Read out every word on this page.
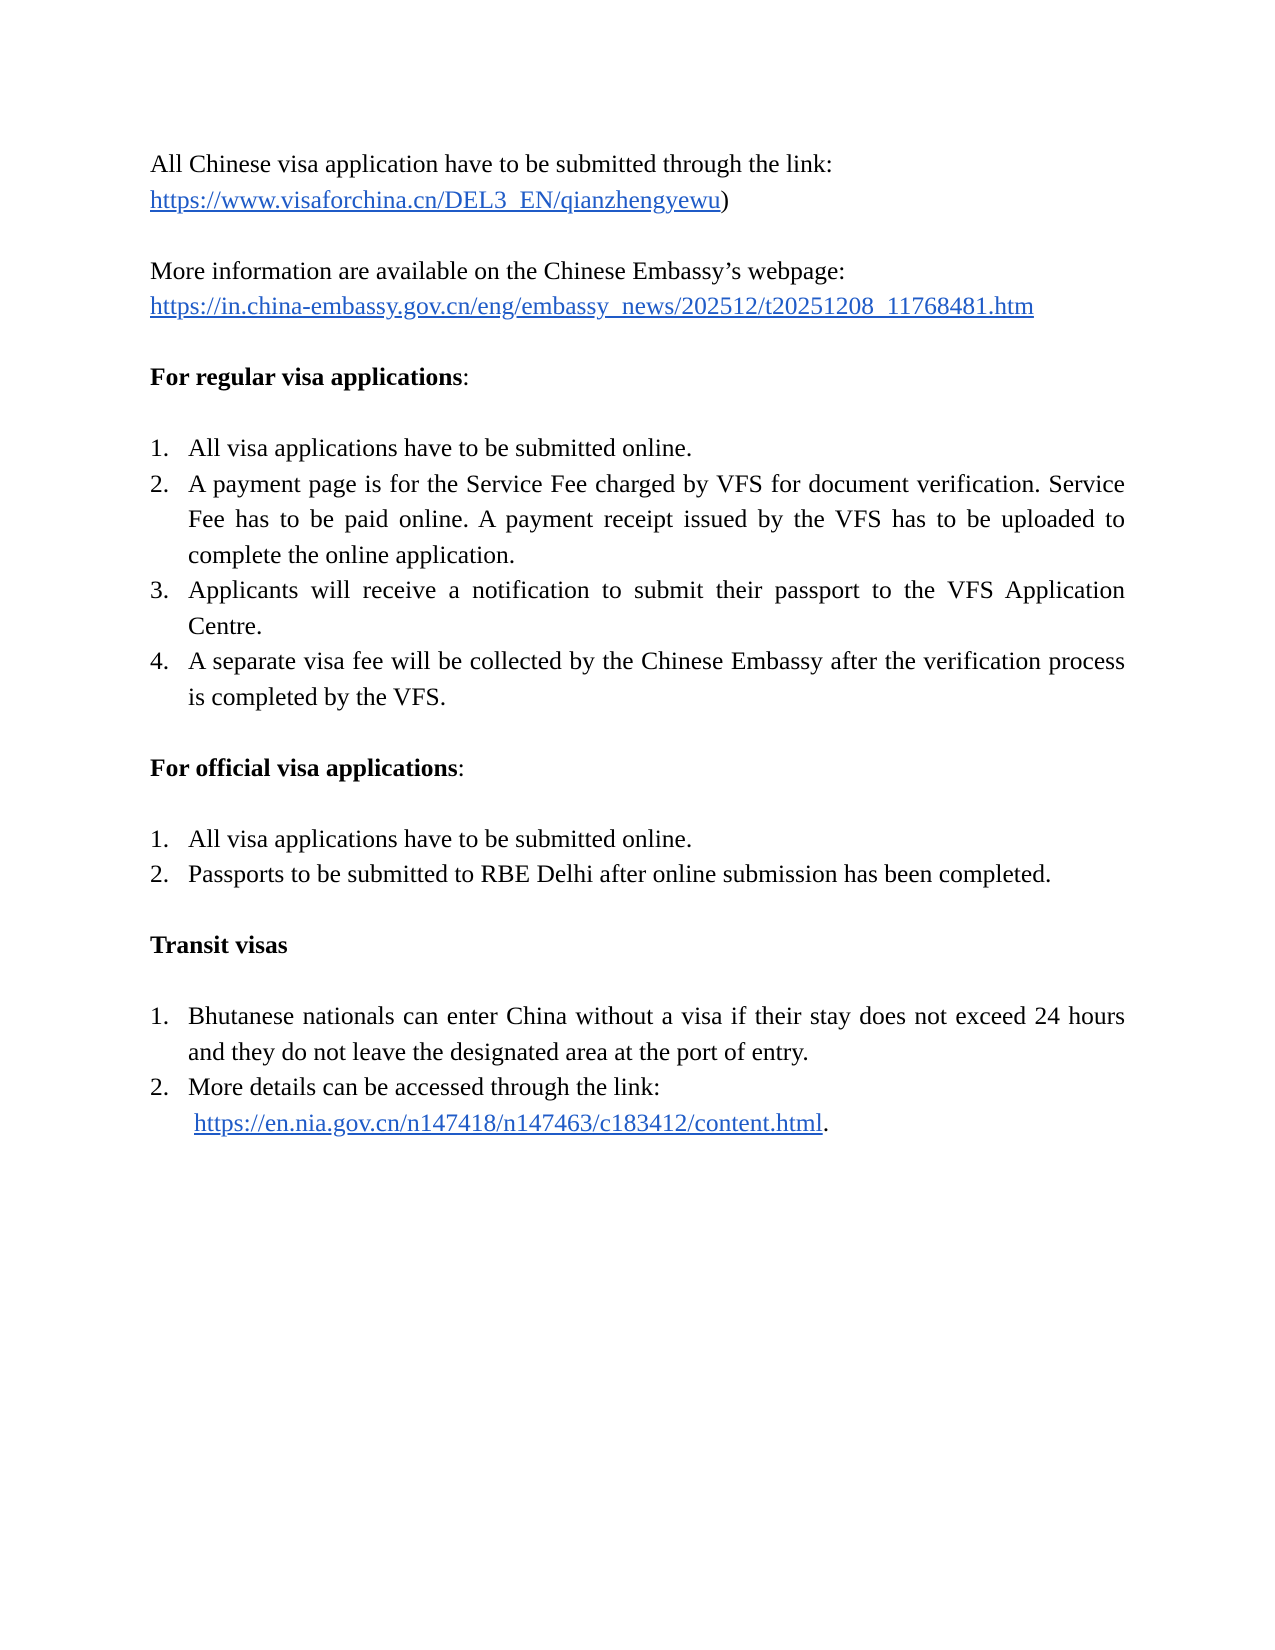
All Chinese visa application have to be submitted through the link:

https://www.visaforchina.cn/DEL3_EN/qianzhengyewu)

More information are available on the Chinese Embassy’s webpage:

https://in.china-embassy.gov.cn/eng/embassy_news/202512/t20251208_11768481.htm

For regular visa applications:

1. All visa applications have to be submitted online.
2. A payment page is for the Service Fee charged by VFS for document verification. Service Fee has to be paid online. A payment receipt issued by the VFS has to be uploaded to complete the online application.
3. Applicants will receive a notification to submit their passport to the VFS Application Centre.
4. A separate visa fee will be collected by the Chinese Embassy after the verification process is completed by the VFS.

For official visa applications:

1. All visa applications have to be submitted online.
2. Passports to be submitted to RBE Delhi after online submission has been completed.

Transit visas

1. Bhutanese nationals can enter China without a visa if their stay does not exceed 24 hours and they do not leave the designated area at the port of entry.
2. More details can be accessed through the link:
https://en.nia.gov.cn/n147418/n147463/c183412/content.html.
